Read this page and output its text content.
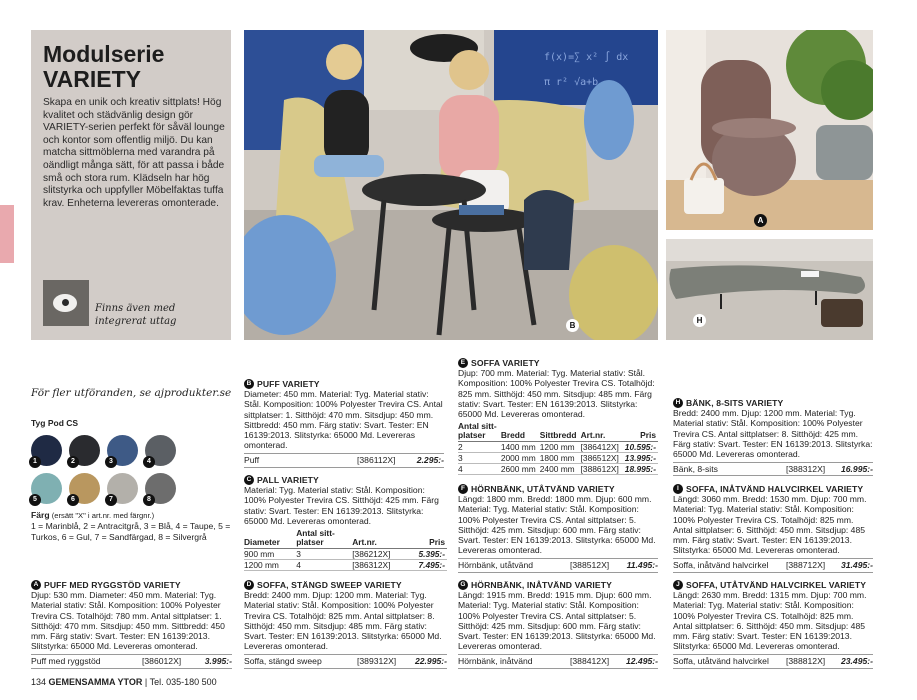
Modulserie
VARIETY
Skapa en unik och kreativ sittplats! Hög kvalitet och städvänlig design gör VARIETY-serien perfekt för såväl lounge och kontor som offentlig miljö. Du kan matcha sittmöblerna med varandra på oändligt många sätt, för att passa i både små och stora rum. Klädseln har hög slitstyrka och uppfyller Möbelfaktas tuffa krav. Enheterna levereras omonterade.
Finns även med integrerat uttag
f(x)=∑ x² ∫ dx
π r² √a+b
B
A
H
För fler utföranden, se ajprodukter.se
Tyg Pod CS
1	2	3	4
5	6	7	8
Färg (ersätt "X" i art.nr. med färgnr.)
1 = Marinblå, 2 = Antracitgrå, 3 = Blå, 4 = Taupe, 5 = Turkos, 6 = Gul, 7 = Sandfärgad, 8 = Silvergrå
A PUFF MED RYGGSTÖD VARIETY
Djup: 530 mm. Diameter: 450 mm. Material: Tyg. Material stativ: Stål. Komposition: 100% Polyester Trevira CS. Totalhöjd: 780 mm. Antal sittplatser: 1. Sitthöjd: 470 mm. Sitsdjup: 450 mm. Sittbredd: 450 mm. Färg stativ: Svart. Tester: EN 16139:2013. Slitstyrka: 65000 Md. Levereras omonterad.
Puff med ryggstöd	[386012X]	3.995:-
B PUFF VARIETY
Diameter: 450 mm. Material: Tyg. Material stativ: Stål. Komposition: 100% Polyester Trevira CS. Antal sittplatser: 1. Sitthöjd: 470 mm. Sitsdjup: 450 mm. Sittbredd: 450 mm. Färg stativ: Svart. Tester: EN 16139:2013. Slitstyrka: 65000 Md. Levereras omonterad.
Puff	[386112X] 2.295:-
C PALL VARIETY
Material: Tyg. Material stativ: Stål. Komposition: 100% Polyester Trevira CS. Sitthöjd: 425 mm. Färg stativ: Svart. Tester: EN 16139:2013. Slitstyrka: 65000 Md. Levereras omonterad.
Diameter	Antal sitt-
platser	Art.nr.	Pris
900 mm	3	[386212X]	5.395:-
1200 mm	4	[386312X]	7.495:-
D SOFFA, STÄNGD SWEEP VARIETY
Bredd: 2400 mm. Djup: 1200 mm. Material: Tyg. Material stativ: Stål. Komposition: 100% Polyester Trevira CS. Totalhöjd: 825 mm. Antal sittplatser: 8. Sitthöjd: 450 mm. Sitsdjup: 485 mm. Färg stativ: Svart. Tester: EN 16139:2013. Slitstyrka: 65000 Md. Levereras omonterad.
Soffa, stängd sweep	[389312X] 22.995:-
E SOFFA VARIETY
Djup: 700 mm. Material: Tyg. Material stativ: Stål. Komposition: 100% Polyester Trevira CS. Totalhöjd: 825 mm. Sitthöjd: 450 mm. Sitsdjup: 485 mm. Färg stativ: Svart. Tester: EN 16139:2013. Slitstyrka: 65000 Md. Levereras omonterad.
Antal sitt-
platser	Bredd	Sittbredd	Art.nr.	Pris
2	1400 mm	1200 mm	[386412X]	10.595:-
3	2000 mm	1800 mm	[386512X]	13.995:-
4	2600 mm	2400 mm	[388612X]	18.995:-
F HÖRNBÄNK, UTÅTVÄND VARIETY
Längd: 1800 mm. Bredd: 1800 mm. Djup: 600 mm. Material: Tyg. Material stativ: Stål. Komposition: 100% Polyester Trevira CS. Antal sittplatser: 5. Sitthöjd: 425 mm. Sitsdjup: 600 mm. Färg stativ: Svart. Tester: EN 16139:2013. Slitstyrka: 65000 Md. Levereras omonterad.
Hörnbänk, utåtvänd	[388512X] 11.495:-
G HÖRNBÄNK, INÅTVÄND VARIETY
Längd: 1915 mm. Bredd: 1915 mm. Djup: 600 mm. Material: Tyg. Material stativ: Stål. Komposition: 100% Polyester Trevira CS. Antal sittplatser: 5. Sitthöjd: 425 mm. Sitsdjup: 600 mm. Färg stativ: Svart. Tester: EN 16139:2013. Slitstyrka: 65000 Md. Levereras omonterad.
Hörnbänk, inåtvänd	[388412X] 12.495:-
H BÄNK, 8-SITS VARIETY
Bredd: 2400 mm. Djup: 1200 mm. Material: Tyg. Material stativ: Stål. Komposition: 100% Polyester Trevira CS. Antal sittplatser: 8. Sitthöjd: 425 mm. Färg stativ: Svart. Tester: EN 16139:2013. Slitstyrka: 65000 Md. Levereras omonterad.
Bänk, 8-sits	[388312X] 16.995:-
I SOFFA, INÅTVÄND HALVCIRKEL VARIETY
Längd: 3060 mm. Bredd: 1530 mm. Djup: 700 mm. Material: Tyg. Material stativ: Stål. Komposition: 100% Polyester Trevira CS. Totalhöjd: 825 mm. Antal sittplatser: 6. Sitthöjd: 450 mm. Sitsdjup: 485 mm. Färg stativ: Svart. Tester: EN 16139:2013. Slitstyrka: 65000 Md. Levereras omonterad.
Soffa, inåtvänd halvcirkel [388712X] 31.495:-
J SOFFA, UTÅTVÄND HALVCIRKEL VARIETY
Längd: 2630 mm. Bredd: 1315 mm. Djup: 700 mm. Material: Tyg. Material stativ: Stål. Komposition: 100% Polyester Trevira CS. Totalhöjd: 825 mm. Antal sittplatser: 6. Sitthöjd: 450 mm. Sitsdjup: 485 mm. Färg stativ: Svart. Tester: EN 16139:2013. Slitstyrka: 65000 Md. Levereras omonterad.
Soffa, utåtvänd halvcirkel [388812X] 23.495:-
134 GEMENSAMMA YTOR | Tel. 035-180 500
